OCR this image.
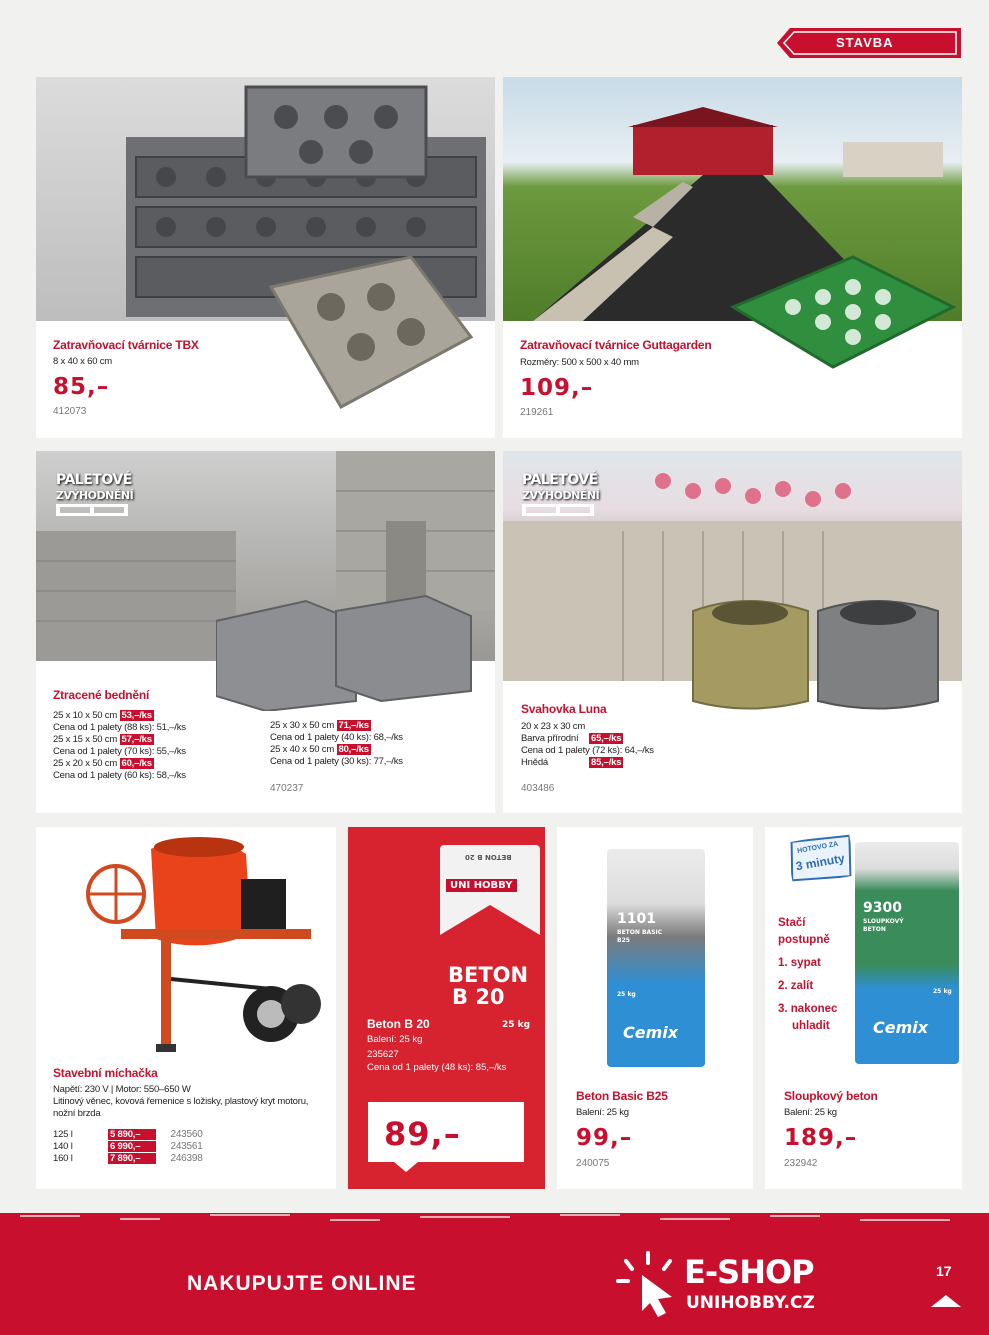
STAVBA
Zatravňovací tvárnice TBX
8 x 40 x 60 cm
85,–
412073
Zatravňovací tvárnice Guttagarden
Rozměry: 500 x 500 x 40 mm
109,–
219261
PALETOVÉ
ZVÝHODNĚNÍ
Ztracené bednění
25 x 10 x 50 cm 53,–/ks
Cena od 1 palety (88 ks): 51,–/ks
25 x 15 x 50 cm 57,–/ks
Cena od 1 palety (70 ks): 55,–/ks
25 x 20 x 50 cm 60,–/ks
Cena od 1 palety (60 ks): 58,–/ks
25 x 30 x 50 cm 71,–/ks
Cena od 1 palety (40 ks): 68,–/ks
25 x 40 x 50 cm 80,–/ks
Cena od 1 palety (30 ks): 77,–/ks
470237
PALETOVÉ
ZVÝHODNĚNÍ
Svahovka Luna
20 x 23 x 30 cm
Barva přírodní 65,–/ks
Cena od 1 palety (72 ks): 64,–/ks
Hnědá	85,–/ks
403486
Stavební míchačka
Napětí: 230 V | Motor: 550–650 W
Litinový věnec, kovová řemenice s ložisky, plastový kryt motoru,
nožní brzda
125 l	5 890,–	243560
140 l	6 990,–	243561
160 l	7 890,–	246398
BETON B 20
UNI HOBBY
BETON
B 20
25 kg
Beton B 20
Balení: 25 kg
235627
Cena od 1 palety (48 ks): 85,–/ks
89,–
1101
BETON BASIC
B25
25 kg
Cemix
Beton Basic B25
Balení: 25 kg
99,–
240075
HOTOVO ZA
3 minuty
Stačí
postupně
1. sypat
2. zalít
3. nakonec
uhladit
9300
SLOUPKOVÝ
BETON
25 kg
Cemix
Sloupkový beton
Balení: 25 kg
189,–
232942
NAKUPUJTE ONLINE	E-SHOP
UNIHOBBY.CZ
17
